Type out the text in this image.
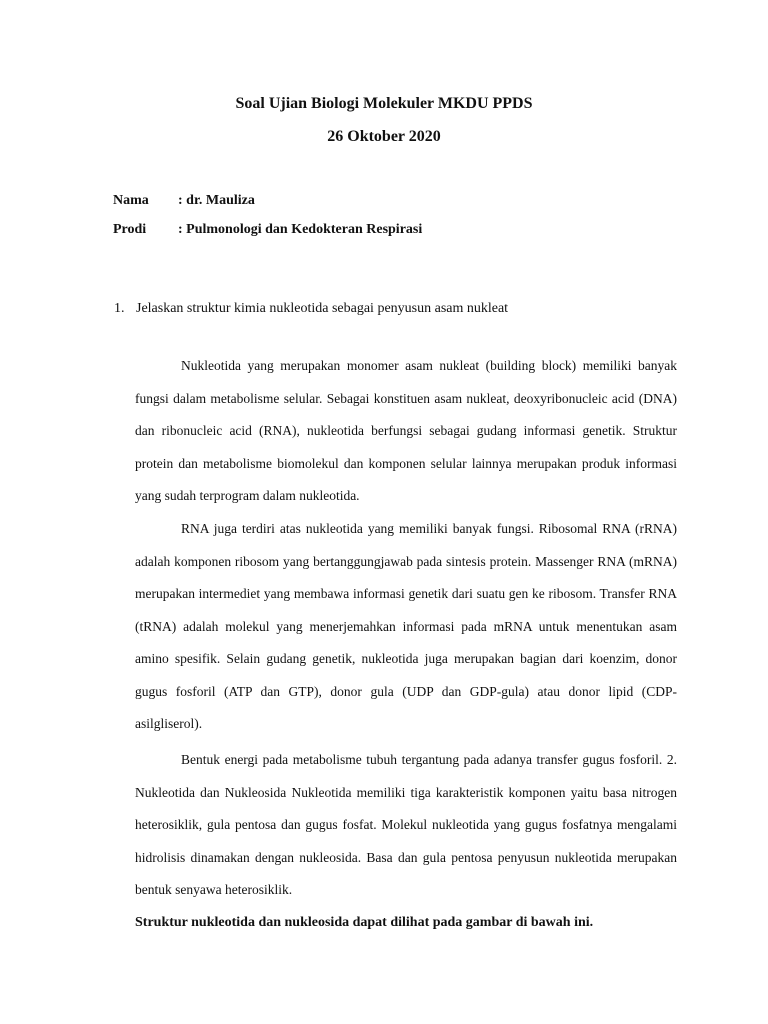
Soal Ujian Biologi Molekuler MKDU PPDS
26 Oktober 2020
Nama : dr. Mauliza
Prodi : Pulmonologi dan Kedokteran Respirasi
1. Jelaskan struktur kimia nukleotida sebagai penyusun asam nukleat

Nukleotida yang merupakan monomer asam nukleat (building block) memiliki banyak fungsi dalam metabolisme selular. Sebagai konstituen asam nukleat, deoxyribonucleic acid (DNA) dan ribonucleic acid (RNA), nukleotida berfungsi sebagai gudang informasi genetik. Struktur protein dan metabolisme biomolekul dan komponen selular lainnya merupakan produk informasi yang sudah terprogram dalam nukleotida.

RNA juga terdiri atas nukleotida yang memiliki banyak fungsi. Ribosomal RNA (rRNA) adalah komponen ribosom yang bertanggungjawab pada sintesis protein. Massenger RNA (mRNA) merupakan intermediet yang membawa informasi genetik dari suatu gen ke ribosom. Transfer RNA (tRNA) adalah molekul yang menerjemahkan informasi pada mRNA untuk menentukan asam amino spesifik. Selain gudang genetik, nukleotida juga merupakan bagian dari koenzim, donor gugus fosforil (ATP dan GTP), donor gula (UDP dan GDP-gula) atau donor lipid (CDP-asilgliserol).

Bentuk energi pada metabolisme tubuh tergantung pada adanya transfer gugus fosforil. 2. Nukleotida dan Nukleosida Nukleotida memiliki tiga karakteristik komponen yaitu basa nitrogen heterosiklik, gula pentosa dan gugus fosfat. Molekul nukleotida yang gugus fosfatnya mengalami hidrolisis dinamakan dengan nukleosida. Basa dan gula pentosa penyusun nukleotida merupakan bentuk senyawa heterosiklik.

Struktur nukleotida dan nukleosida dapat dilihat pada gambar di bawah ini.
